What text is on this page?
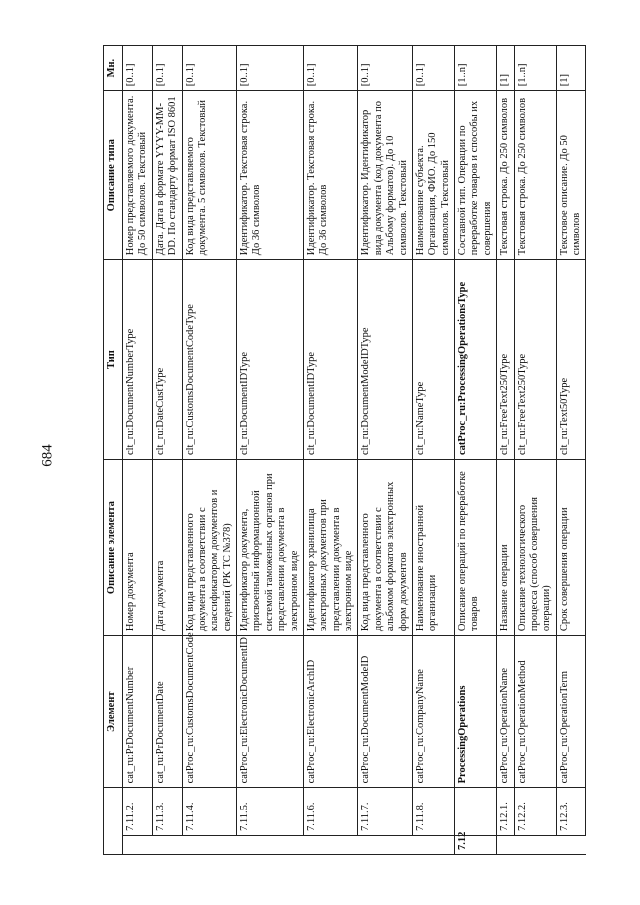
684
		Элемент	Описание элемента	Тип	Описание типа	Мн.
	7.11.2.	cat_ru:PrDocumentNumber	Номер документа	clt_ru:DocumentNumberType	Номер представляемого документа. До 50 символов. Текстовый	[0..1]
	7.11.3.	cat_ru:PrDocumentDate	Дата документа	clt_ru:DateCustType	Дата. Дата в формате YYYY-MM-DD. По стандарту формат ISO 8601	[0..1]
	7.11.4.	catProc_ru:CustomsDocumentCode	Код вида представленного документа в соответствии с классификатором документов и сведений (РК ТС №378)	clt_ru:CustomsDocumentCodeType	Код вида представляемого документа. 5 символов. Текстовый	[0..1]
	7.11.5.	catProc_ru:ElectronicDocumentID	Идентификатор документа, присвоенный информационной системой таможенных органов при представлении документа в электронном виде	clt_ru:DocumentIDType	Идентификатор. Текстовая строка. До 36 символов	[0..1]
	7.11.6.	catProc_ru:ElectronicArchID	Идентификатор хранилища электронных документов при представлении документа в электронном виде	clt_ru:DocumentIDType	Идентификатор. Текстовая строка. До 36 символов	[0..1]
	7.11.7.	catProc_ru:DocumentModeID	Код вида представленного документа в соответствии с альбомом форматов электронных форм документов	clt_ru:DocumentModeIDType	Идентификатор. Идентификатор вида документа (код документа по Альбому форматов). До 10 символов. Текстовый	[0..1]
	7.11.8.	catProc_ru:CompanyName	Наименование иностранной организации	clt_ru:NameType	Наименование субъекта. Организация, ФИО. До 150 символов. Текстовый	[0..1]
7.12		ProcessingOperations	Описание операций по переработке товаров	catProc_ru:ProcessingOperationsType	Составной тип. Операции по переработке товаров и способы их совершения	[1..n]
	7.12.1.	catProc_ru:OperationName	Название операции	clt_ru:FreeText250Type	Текстовая строка. До 250 символов	[1]
	7.12.2.	catProc_ru:OperationMethod	Описание технологического процесса (способ совершения операции)	clt_ru:FreeText250Type	Текстовая строка. До 250 символов	[1..n]
	7.12.3.	catProc_ru:OperationTerm	Срок совершения операции	clt_ru:Text50Type	Текстовое описание. До 50 символов	[1]
